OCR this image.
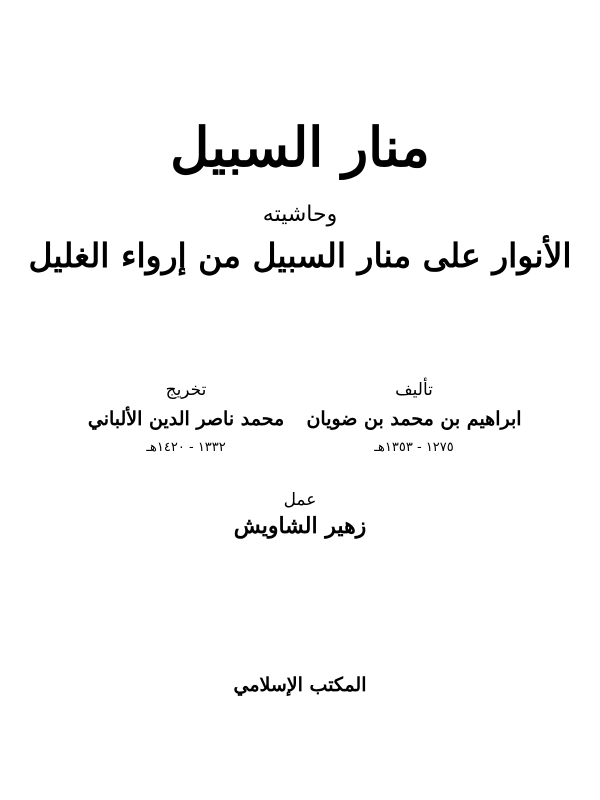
منار السبيل
وحاشيته
الأنوار على منار السبيل من إرواء الغليل
تأليف
ابراهيم بن محمد بن ضويان
١٢٧٥ - ١٣٥٣هـ
تخريج
محمد ناصر الدين الألباني
١٣٣٢ - ١٤٢٠هـ
عمل
زهير الشاويش
المكتب الإسلامي
